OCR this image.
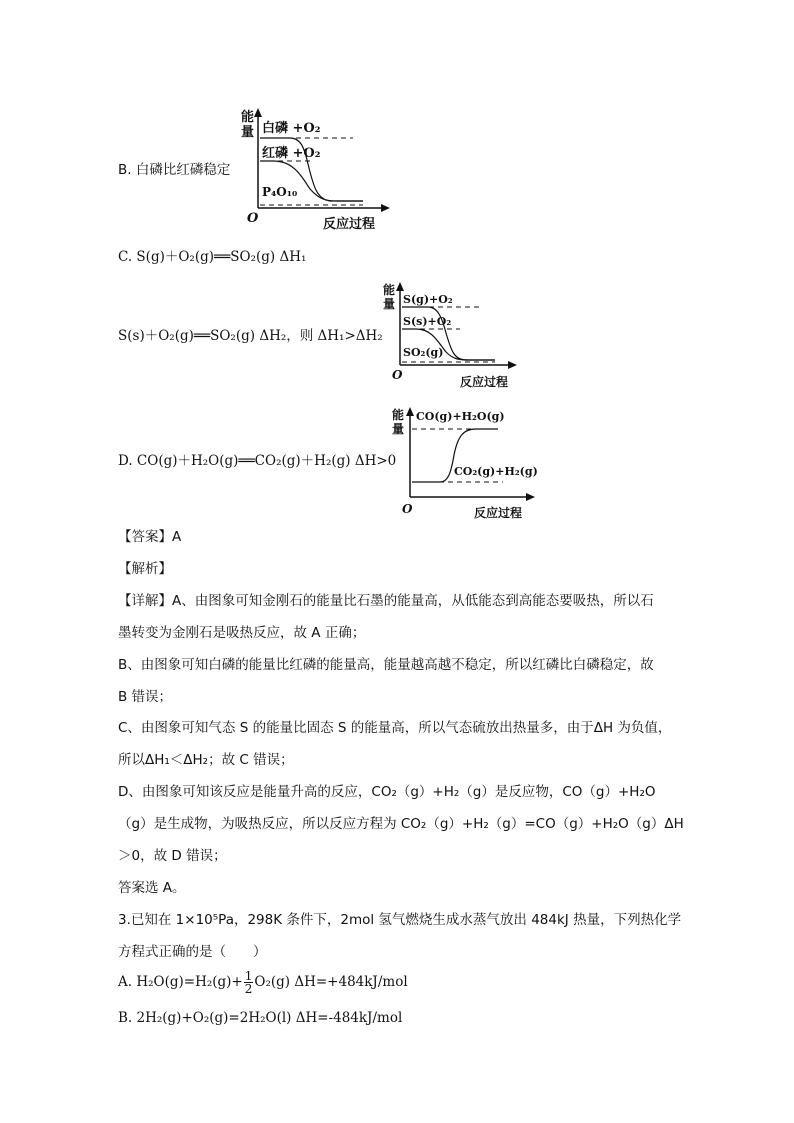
B. 白磷比红磷稳定
能
量 白磷 +O₂
红磷 +O₂
P₄O₁₀
O	反应过程
C. S(g)＋O₂(g)══SO₂(g) ΔH₁
S(s)＋O₂(g)══SO₂(g) ΔH₂，则 ΔH₁>ΔH₂
能
量 S(g)+O₂
S(s)+O₂
SO₂(g)
O	反应过程
D. CO(g)＋H₂O(g)══CO₂(g)＋H₂(g) ΔH>0
能
量
CO(g)+H₂O(g)
CO₂(g)+H₂(g)
O	反应过程
【答案】A
【解析】
【详解】A、由图象可知金刚石的能量比石墨的能量高，从低能态到高能态要吸热，所以石
墨转变为金刚石是吸热反应，故 A 正确；
B、由图象可知白磷的能量比红磷的能量高，能量越高越不稳定，所以红磷比白磷稳定，故
B 错误；
C、由图象可知气态 S 的能量比固态 S 的能量高，所以气态硫放出热量多，由于ΔH 为负值，
所以ΔH₁＜ΔH₂；故 C 错误；
D、由图象可知该反应是能量升高的反应，CO₂（g）+H₂（g）是反应物，CO（g）+H₂O
（g）是生成物，为吸热反应，所以反应方程为 CO₂（g）+H₂（g）=CO（g）+H₂O（g）ΔH
＞0，故 D 错误；
答案选 A。
3.已知在 1×10⁵Pa，298K 条件下，2mol 氢气燃烧生成水蒸气放出 484kJ 热量，下列热化学
方程式正确的是（　　）
A. $H_2O(g)=H_2(g)+ \frac{1}{2} O_2(g)$ ΔH=+484kJ/mol
B. 2H₂(g)+O₂(g)=2H₂O(l) ΔH=-484kJ/mol
